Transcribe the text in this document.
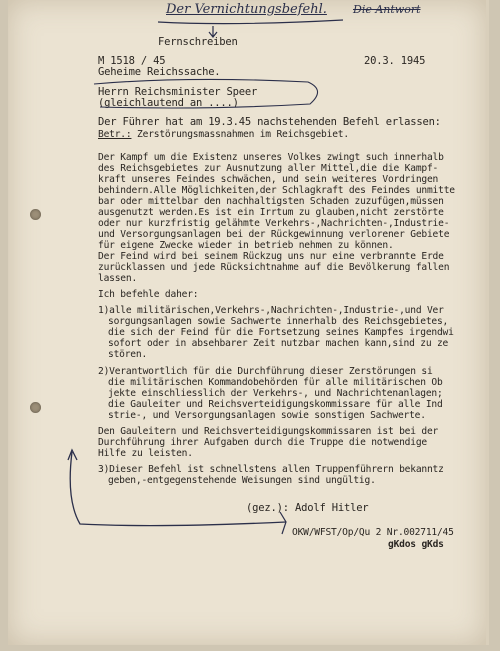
Der Vernichtungsbefehl. Die Antwort
Fernschreiben
M 1518 / 45	20.3. 1945
Geheime Reichssache.
Herrn Reichsminister Speer
(gleichlautend an ....)
Der Führer hat am 19.3.45 nachstehenden Befehl erlassen:
Betr.: Zerstörungsmassnahmen im Reichsgebiet.
Der Kampf um die Existenz unseres Volkes zwingt such innerhalb
des Reichsgebietes zur Ausnutzung aller Mittel,die die Kampf-
kraft unseres Feindes schwächen, und sein weiteres Vordringen
behindern.Alle Möglichkeiten,der Schlagkraft des Feindes unmitte
bar oder mittelbar den nachhaltigsten Schaden zuzufügen,müssen
ausgenutzt werden.Es ist ein Irrtum zu glauben,nicht zerstörte
oder nur kurzfristig gelähmte Verkehrs-,Nachrichten-,Industrie-
und Versorgungsanlagen bei der Rückgewinnung verlorener Gebiete
für eigene Zwecke wieder in betrieb nehmen zu können.
Der Feind wird bei seinem Rückzug uns nur eine verbrannte Erde
zurücklassen und jede Rücksichtnahme auf die Bevölkerung fallen
lassen.
Ich befehle daher:
1)alle militärischen,Verkehrs-,Nachrichten-,Industrie-,und Ver
sorgungsanlagen sowie Sachwerte innerhalb des Reichsgebietes,
die sich der Feind für die Fortsetzung seines Kampfes irgendwi
sofort oder in absehbarer Zeit nutzbar machen kann,sind zu ze
stören.
2)Verantwortlich für die Durchführung dieser Zerstörungen si
die militärischen Kommandobehörden für alle militärischen Ob
jekte einschliesslich der Verkehrs-, und Nachrichtenanlagen;
die Gauleiter und Reichsverteidigungskommissare für alle Ind
strie-, und Versorgungsanlagen sowie sonstigen Sachwerte.
Den Gauleitern und Reichsverteidigungskommissaren ist bei der
Durchführung ihrer Aufgaben durch die Truppe die notwendige
Hilfe zu leisten.
3)Dieser Befehl ist schnellstens allen Truppenführern bekanntz
geben,-entgegenstehende Weisungen sind ungültig.
(gez.): Adolf Hitler
OKW/WFST/Op/Qu 2 Nr.002711/45
gKdos gKds
